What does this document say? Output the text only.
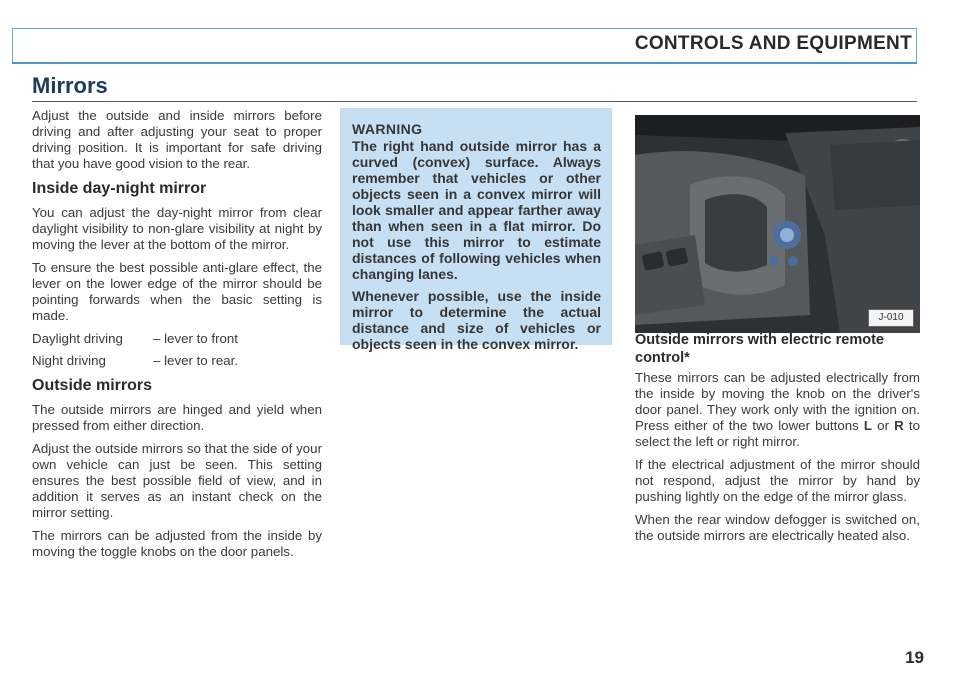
CONTROLS AND EQUIPMENT
Mirrors

Adjust the outside and inside mirrors before driving and after adjusting your seat to proper driving position. It is important for safe driving that you have good vision to the rear.

Inside day-night mirror

You can adjust the day-night mirror from clear daylight visibility to non-glare visibility at night by moving the lever at the bottom of the mirror.

To ensure the best possible anti-glare effect, the lever on the lower edge of the mirror should be pointing forwards when the basic setting is made.

Daylight driving	– lever to front
Night driving	– lever to rear.
Outside mirrors

The outside mirrors are hinged and yield when pressed from either direction.

Adjust the outside mirrors so that the side of your own vehicle can just be seen. This setting ensures the best possible field of view, and in addition it serves as an instant check on the mirror setting.

The mirrors can be adjusted from the inside by moving the toggle knobs on the door panels.

WARNING

The right hand outside mirror has a curved (convex) surface. Always remember that vehicles or other objects seen in a convex mirror will look smaller and appear farther away than when seen in a flat mirror. Do not use this mirror to estimate distances of following vehicles when changing lanes.

Whenever possible, use the inside mirror to determine the actual distance and size of vehicles or objects seen in the convex mirror.

J-010
Outside mirrors with electric remote control*

These mirrors can be adjusted electrically from the inside by moving the knob on the driver's door panel. They work only with the ignition on. Press either of the two lower buttons L or R to select the left or right mirror.

If the electrical adjustment of the mirror should not respond, adjust the mirror by hand by pushing lightly on the edge of the mirror glass.

When the rear window defogger is switched on, the outside mirrors are electrically heated also.

19
